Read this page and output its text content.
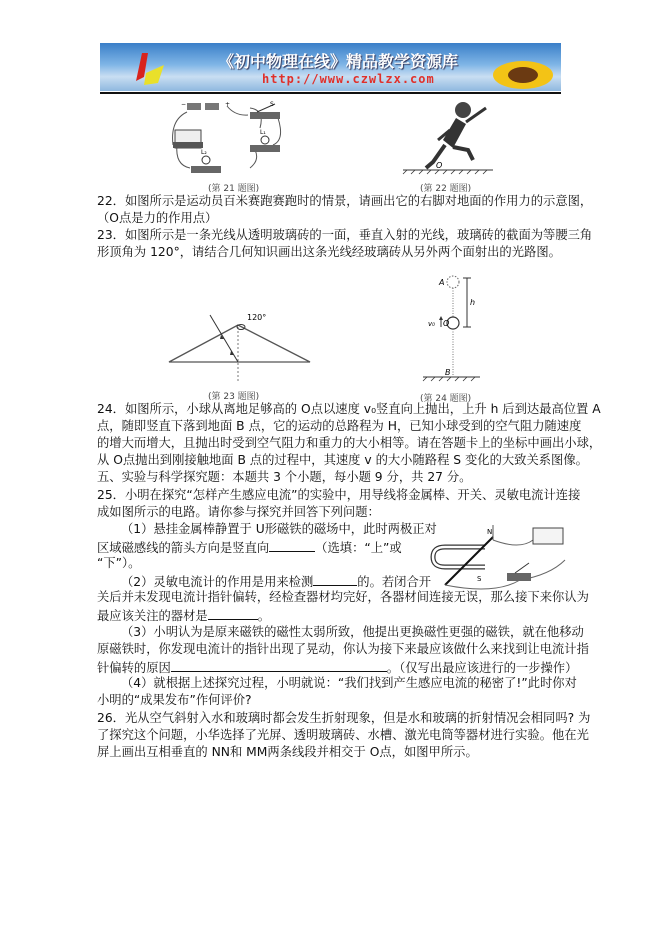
《初中物理在线》精品教学资源库
http://www.czwlzx.com
−	+	S
L₁
L₂
(第 21 题图)
O
(第 22 题图)
22．如图所示是运动员百米赛跑赛跑时的情景，请画出它的右脚对地面的作用力的示意图，
（O点是力的作用点）
23．如图所示是一条光线从透明玻璃砖的一面，垂直入射的光线，玻璃砖的截面为等腰三角
形顶角为 120°，请结合几何知识画出这条光线经玻璃砖从另外两个面射出的光路图。
120°
(第 23 题图)
A
h
v₀ O
B
(第 24 题图)
24．如图所示，小球从离地足够高的 O点以速度 v₀竖直向上抛出，上升 h 后到达最高位置 A
点，随即竖直下落到地面 B 点，它的运动的总路程为 H，已知小球受到的空气阻力随速度
的增大而增大，且抛出时受到空气阻力和重力的大小相等。请在答题卡上的坐标中画出小球，
从 O点抛出到刚接触地面 B 点的过程中，其速度 v 的大小随路程 S 变化的大致关系图像。
五、实验与科学探究题：本题共 3 个小题，每小题 9 分，共 27 分。
25．小明在探究“怎样产生感应电流”的实验中，用导线将金属棒、开关、灵敏电流计连接
成如图所示的电路。请你参与探究并回答下列问题：
（1）悬挂金属棒静置于 U形磁铁的磁场中，此时两极正对
区域磁感线的箭头方向是竖直向	（选填：“上”或
“下”）。
（2）灵敏电流计的作用是用来检测	的。若闭合开
关后并未发现电流计指针偏转，经检查器材均完好，各器材间连接无误，那么接下来你认为
最应该关注的器材是	。
（3）小明认为是原来磁铁的磁性太弱所致，他提出更换磁性更强的磁铁，就在他移动
原磁铁时，你发现电流计的指针出现了晃动，你认为接下来最应该做什么来找到让电流计指
针偏转的原因	。（仅写出最应该进行的一步操作）
（4）就根据上述探究过程，小明就说：“我们找到产生感应电流的秘密了!”此时你对
小明的“成果发布”作何评价?
N
S
26．光从空气斜射入水和玻璃时都会发生折射现象，但是水和玻璃的折射情况会相同吗? 为
了探究这个问题，小华选择了光屏、透明玻璃砖、水槽、激光电筒等器材进行实验。他在光
屏上画出互相垂直的 NN和 MM两条线段并相交于 O点，如图甲所示。
